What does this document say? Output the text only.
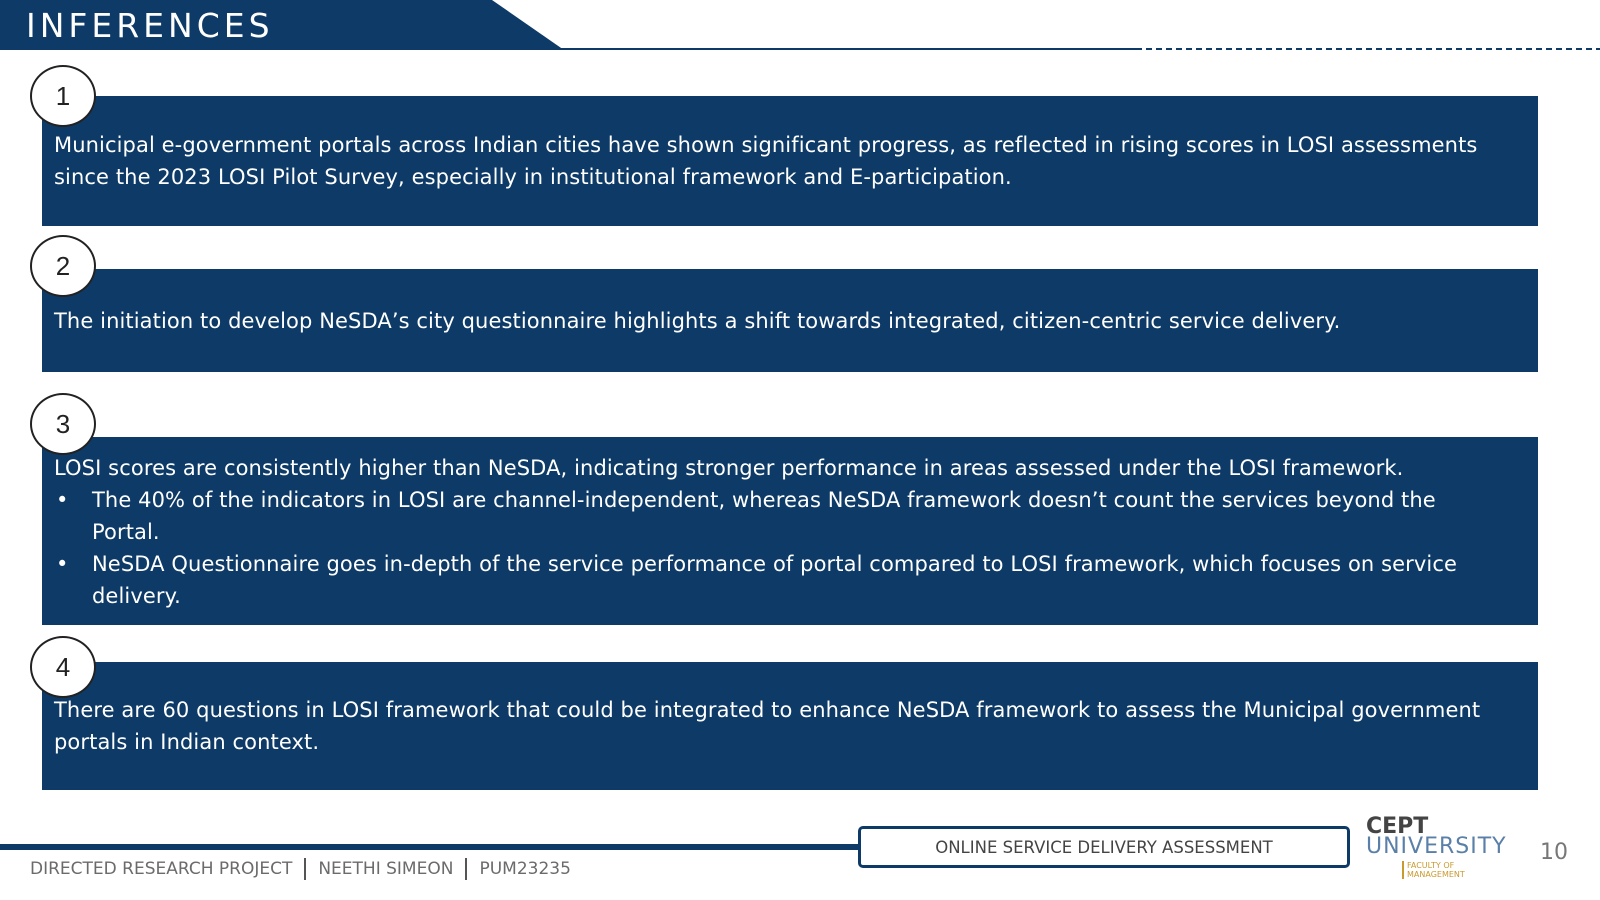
INFERENCES
Municipal e-government portals across Indian cities have shown significant progress, as reflected in rising scores in LOSI assessments since the 2023 LOSI Pilot Survey, especially in institutional framework and E-participation.
1
The initiation to develop NeSDA’s city questionnaire highlights a shift towards integrated, citizen-centric service delivery.
2
LOSI scores are consistently higher than NeSDA, indicating stronger performance in areas assessed under the LOSI framework.
• The 40% of the indicators in LOSI are channel-independent, whereas NeSDA framework doesn’t count the services beyond the Portal.
• NeSDA Questionnaire goes in-depth of the service performance of portal compared to LOSI framework, which focuses on service delivery.
3
There are 60 questions in LOSI framework that could be integrated to enhance NeSDA framework to assess the Municipal government portals in Indian context.
4
DIRECTED RESEARCH PROJECT NEETHI SIMEON PUM23235
ONLINE SERVICE DELIVERY ASSESSMENT
CEPT
UNIVERSITY
FACULTY OF MANAGEMENT
10
